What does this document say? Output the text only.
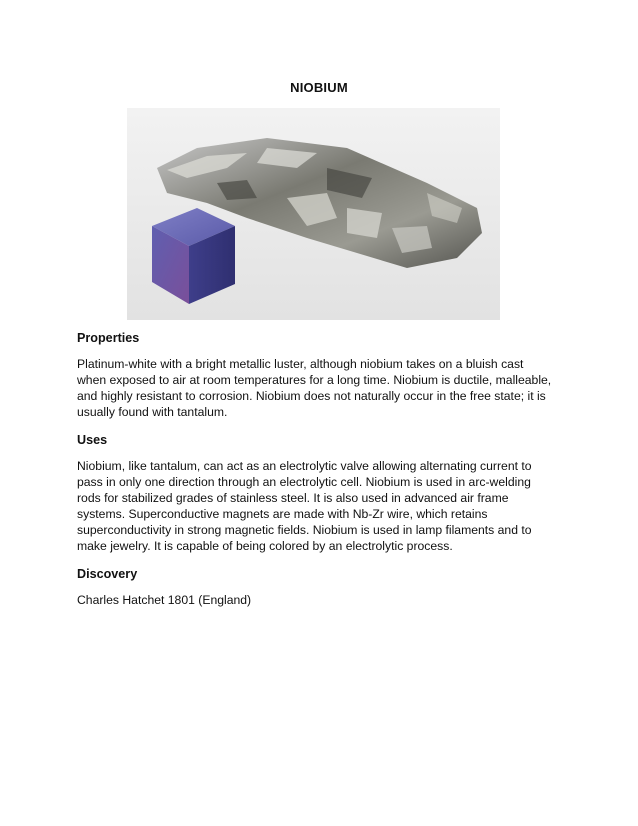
NIOBIUM
Properties
Platinum-white with a bright metallic luster, although niobium takes on a bluish cast when exposed to air at room temperatures for a long time. Niobium is ductile, malleable, and highly resistant to corrosion. Niobium does not naturally occur in the free state; it is usually found with tantalum.
Uses
Niobium, like tantalum, can act as an electrolytic valve allowing alternating current to pass in only one direction through an electrolytic cell. Niobium is used in arc-welding rods for stabilized grades of stainless steel. It is also used in advanced air frame systems. Superconductive magnets are made with Nb-Zr wire, which retains superconductivity in strong magnetic fields. Niobium is used in lamp filaments and to make jewelry. It is capable of being colored by an electrolytic process.
Discovery
Charles Hatchet 1801 (England)
